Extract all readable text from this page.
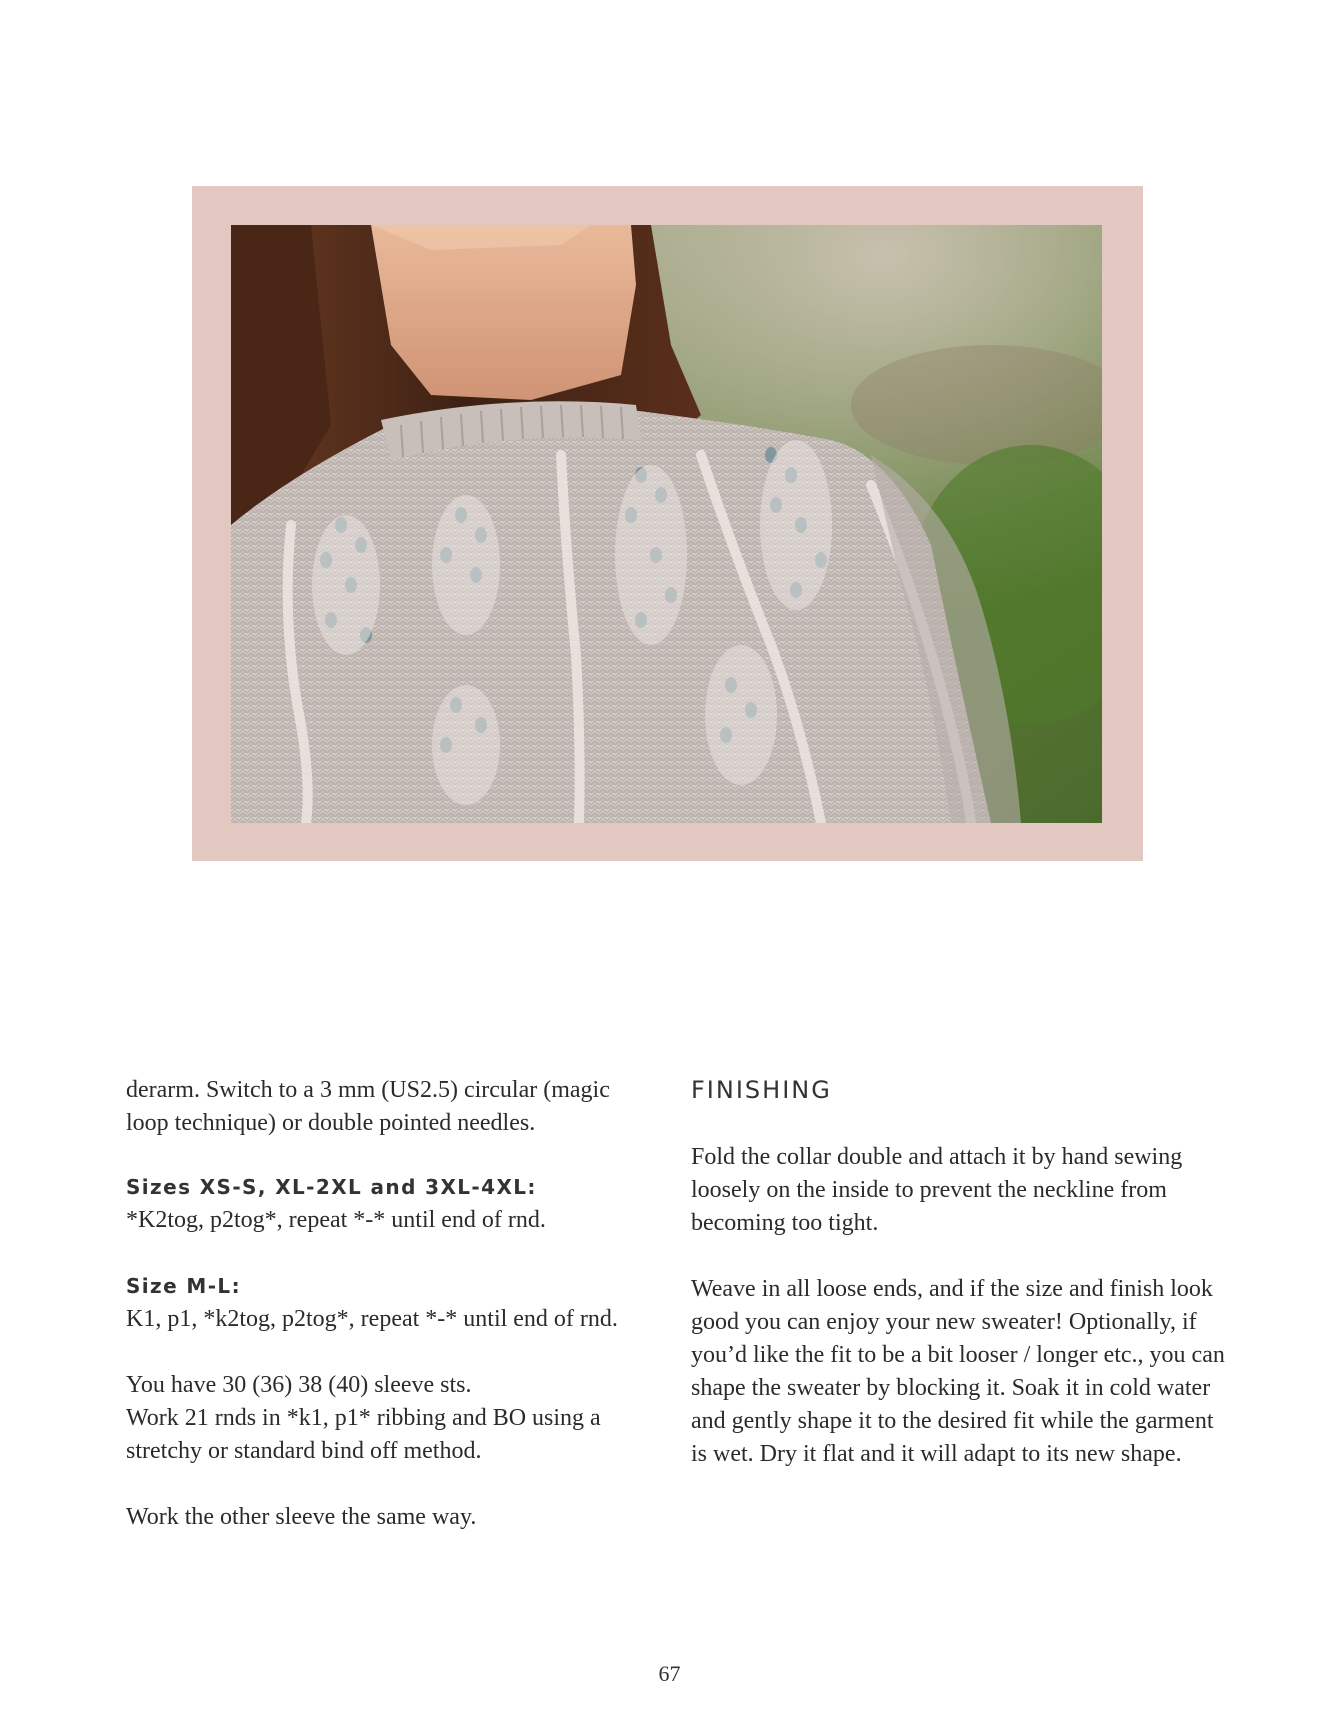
derarm. Switch to a 3 mm (US2.5) circular (magic loop technique) or double pointed needles.

Sizes XS-S, XL-2XL and 3XL-4XL:

*K2tog, p2tog*, repeat *-* until end of rnd.

Size M-L:

K1, p1, *k2tog, p2tog*, repeat *-* until end of rnd.

You have 30 (36) 38 (40) sleeve sts.

Work 21 rnds in *k1, p1* ribbing and BO using a stretchy or standard bind off method.

Work the other sleeve the same way.

FINISHING

Fold the collar double and attach it by hand sewing loosely on the inside to prevent the neckline from becoming too tight.

Weave in all loose ends, and if the size and finish look good you can enjoy your new sweater! Optionally, if you’d like the fit to be a bit looser / longer etc., you can shape the sweater by blocking it. Soak it in cold water and gently shape it to the desired fit while the garment is wet. Dry it flat and it will adapt to its new shape.

67
